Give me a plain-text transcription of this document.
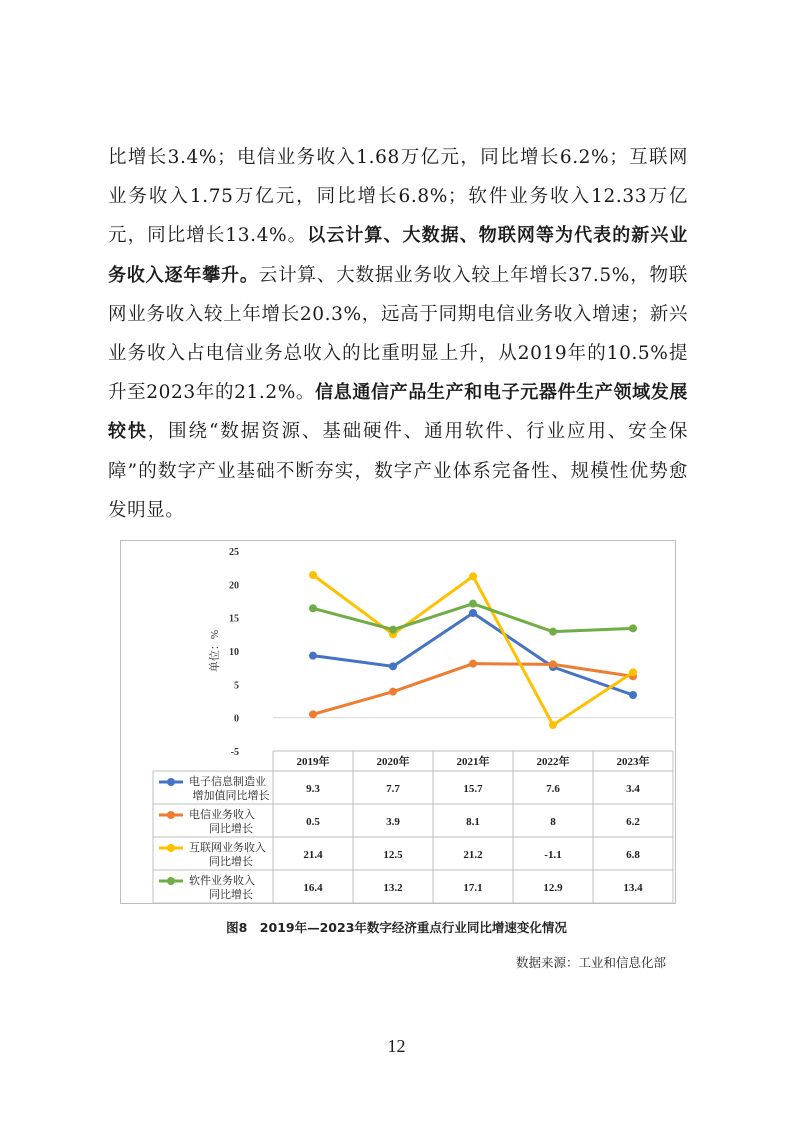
比增长3.4%；电信业务收入1.68万亿元，同比增长6.2%；互联网业务收入1.75万亿元，同比增长6.8%；软件业务收入12.33万亿元，同比增长13.4%。以云计算、大数据、物联网等为代表的新兴业务收入逐年攀升。云计算、大数据业务收入较上年增长37.5%，物联网业务收入较上年增长20.3%，远高于同期电信业务收入增速；新兴业务收入占电信业务总收入的比重明显上升，从2019年的10.5%提升至2023年的21.2%。信息通信产品生产和电子元器件生产领域发展较快，围绕“数据资源、基础硬件、通用软件、行业应用、安全保障”的数字产业基础不断夯实，数字产业体系完备性、规模性优势愈发明显。

25
20
15
10
5
0
-5
单位：%
2019年	2020年	2021年	2022年	2023年
电子信息制造业
增加值同比增长
9.3	7.7	15.7	7.6	3.4
电信业务收入
同比增长
0.5	3.9	8.1	8	6.2
互联网业务收入
同比增长
21.4	12.5	21.2	-1.1	6.8
软件业务收入
同比增长
16.4	13.2	17.1	12.9	13.4
图8　2019年—2023年数字经济重点行业同比增速变化情况
数据来源：工业和信息化部
12
